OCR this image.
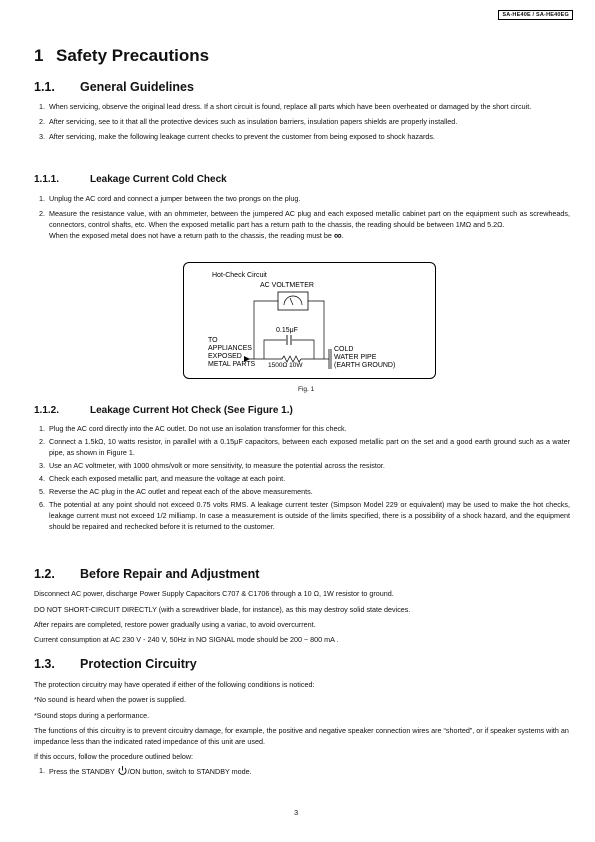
SA-HE40E / SA-HE40EG
1 Safety Precautions
1.1. General Guidelines
1. When servicing, observe the original lead dress. If a short circuit is found, replace all parts which have been overheated or damaged by the short circuit.
2. After servicing, see to it that all the protective devices such as insulation barriers, insulation papers shields are properly installed.
3. After servicing, make the following leakage current checks to prevent the customer from being exposed to shock hazards.
1.1.1.	Leakage Current Cold Check
1. Unplug the AC cord and connect a jumper between the two prongs on the plug.
2. Measure the resistance value, with an ohmmeter, between the jumpered AC plug and each exposed metallic cabinet part on the equipment such as screwheads, connectors, control shafts, etc. When the exposed metallic part has a return path to the chassis, the reading should be between 1MΩ and 5.2Ω.
When the exposed metal does not have a return path to the chassis, the reading must be ∞.
Hot-Check Circuit
AC VOLTMETER
0.15μF
TO
APPLIANCES
EXPOSED
METAL PARTS 1500Ω 10W
COLD
WATER PIPE
(EARTH GROUND)
Fig. 1
1.1.2.	Leakage Current Hot Check (See Figure 1.)
1. Plug the AC cord directly into the AC outlet. Do not use an isolation transformer for this check.
2. Connect a 1.5kΩ, 10 watts resistor, in parallel with a 0.15μF capacitors, between each exposed metallic part on the set and a good earth ground such as a water pipe, as shown in Figure 1.
3. Use an AC voltmeter, with 1000 ohms/volt or more sensitivity, to measure the potential across the resistor.
4. Check each exposed metallic part, and measure the voltage at each point.
5. Reverse the AC plug in the AC outlet and repeat each of the above measurements.
6. The potential at any point should not exceed 0.75 volts RMS. A leakage current tester (Simpson Model 229 or equivalent) may be used to make the hot checks, leakage current must not exceed 1/2 milliamp. In case a measurement is outside of the limits specified, there is a possibility of a shock hazard, and the equipment should be repaired and rechecked before it is returned to the customer.
1.2. Before Repair and Adjustment

Disconnect AC power, discharge Power Supply Capacitors C707 & C1706 through a 10 Ω, 1W resistor to ground.

DO NOT SHORT-CIRCUIT DIRECTLY (with a screwdriver blade, for instance), as this may destroy solid state devices.

After repairs are completed, restore power gradually using a variac, to avoid overcurrent.

Current consumption at AC 230 V - 240 V, 50Hz in NO SIGNAL mode should be 200 ~ 800 mA .

1.3. Protection Circuitry

The protection circuitry may have operated if either of the following conditions is noticed:

*No sound is heard when the power is supplied.

*Sound stops during a performance.

The functions of this circuitry is to prevent circuitry damage, for example, the positive and negative speaker connection wires are “shorted”, or if speaker systems with an impedance less than the indicated rated impedance of this unit are used.

If this occurs, follow the procedure outlined below:

1. Press the STANDBY /ON button, switch to STANDBY mode.
3
